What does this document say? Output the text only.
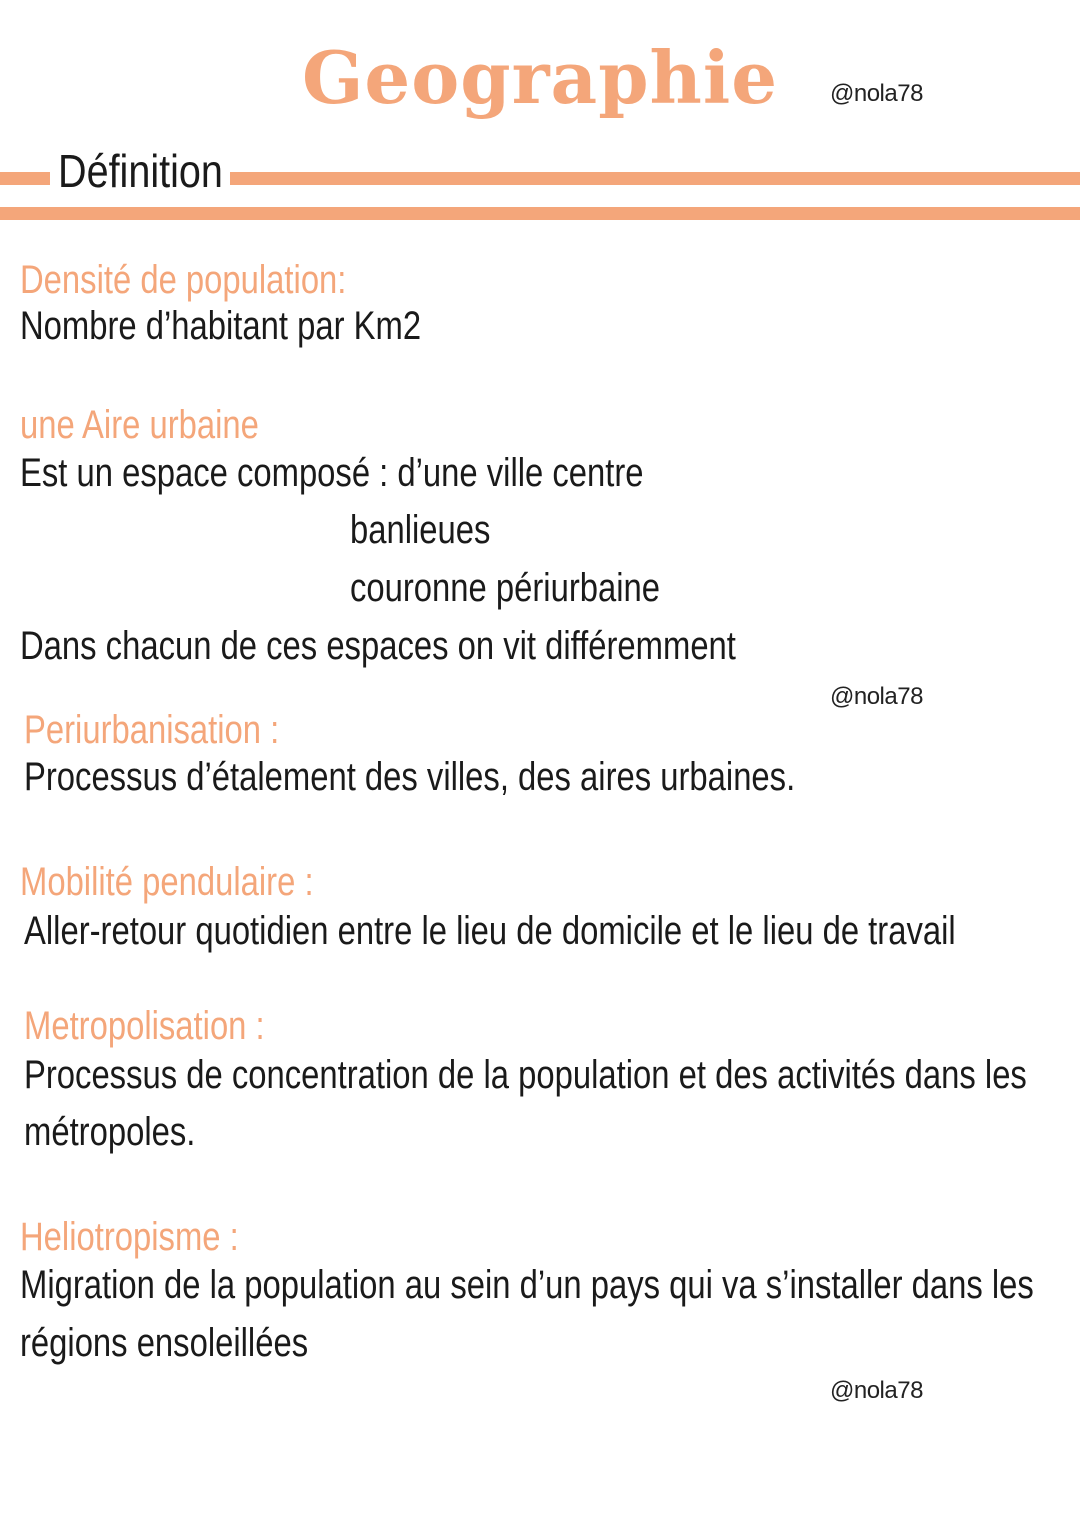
Geographie	@nola78
Définition
Densité de population:
Nombre d’habitant par Km2
une Aire urbaine
Est un espace composé : d’une ville centre
banlieues
couronne périurbaine
Dans chacun de ces espaces on vit différemment
@nola78
Periurbanisation :
Processus d’étalement des villes, des aires urbaines.
Mobilité pendulaire :
Aller-retour quotidien entre le lieu de domicile et le lieu de travail
Metropolisation :
Processus de concentration de la population et des activités dans les
métropoles.
Heliotropisme :
Migration de la population au sein d’un pays qui va s’installer dans les
régions ensoleillées
@nola78
